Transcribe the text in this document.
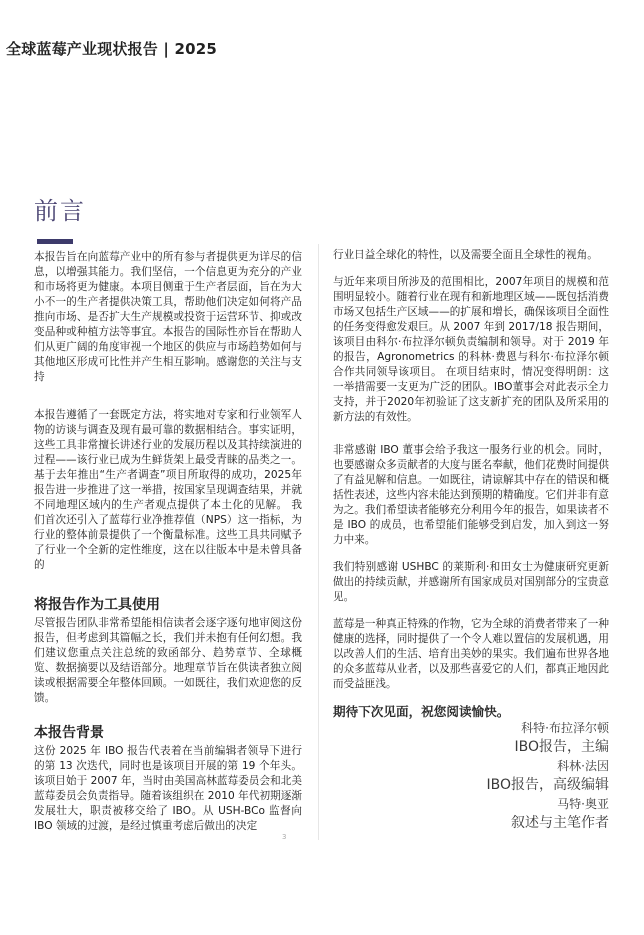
全球蓝莓产业现状报告 | 2025
前言

本报告旨在向蓝莓产业中的所有参与者提供更为详尽的信息，以增强其能力。我们坚信，一个信息更为充分的产业和市场将更为健康。本项目侧重于生产者层面，旨在为大小不一的生产者提供决策工具，帮助他们决定如何将产品推向市场、是否扩大生产规模或投资于运营环节、抑或改变品种或种植方法等事宜。本报告的国际性亦旨在帮助人们从更广阔的角度审视一个地区的供应与市场趋势如何与其他地区形成可比性并产生相互影响。感谢您的关注与支持

本报告遵循了一套既定方法，将实地对专家和行业领军人物的访谈与调查及现有最可靠的数据相结合。事实证明，这些工具非常擅长讲述行业的发展历程以及其持续演进的过程——该行业已成为生鲜货架上最受青睐的品类之一。基于去年推出“生产者调查”项目所取得的成功，2025年报告进一步推进了这一举措，按国家呈现调查结果，并就不同地理区域内的生产者观点提供了本土化的见解。 我们首次还引入了蓝莓行业净推荐值（NPS）这一指标，为行业的整体前景提供了一个衡量标准。这些工具共同赋予了行业一个全新的定性维度，这在以往版本中是未曾具备的

将报告作为工具使用

尽管报告团队非常希望能相信读者会逐字逐句地审阅这份报告，但考虑到其篇幅之长，我们并未抱有任何幻想。我们建议您重点关注总统的致函部分、趋势章节、全球概览、数据摘要以及结语部分。地理章节旨在供读者独立阅读或根据需要全年整体回顾。一如既往，我们欢迎您的反馈。

本报告背景

这份 2025 年 IBO 报告代表着在当前编辑者领导下进行的第 13 次迭代，同时也是该项目开展的第 19 个年头。该项目始于 2007 年，当时由美国高林蓝莓委员会和北美蓝莓委员会负责指导。随着该组织在 2010 年代初期逐渐发展壮大，职责被移交给了 IBO。从 USH-BCo 监督向 IBO 领域的过渡，是经过慎重考虑后做出的决定

行业日益全球化的特性，以及需要全面且全球性的视角。

与近年来项目所涉及的范围相比，2007年项目的规模和范围明显较小。随着行业在现有和新地理区域——既包括消费市场又包括生产区域——的扩展和增长，确保该项目全面性的任务变得愈发艰巨。从 2007 年到 2017/18 报告期间，该项目由科尔·布拉泽尔顿负责编制和领导。对于 2019 年的报告，Agronometrics 的科林·费恩与科尔·布拉泽尔顿合作共同领导该项目。 在项目结束时，情况变得明朗：这一举措需要一支更为广泛的团队。IBO董事会对此表示全力支持，并于2020年初验证了这支新扩充的团队及所采用的新方法的有效性。

非常感谢 IBO 董事会给予我这一服务行业的机会。同时，也要感谢众多贡献者的大度与匿名奉献，他们花费时间提供了有益见解和信息。一如既往，请谅解其中存在的错误和概括性表述，这些内容未能达到预期的精确度。它们并非有意为之。我们希望读者能够充分利用今年的报告，如果读者不是 IBO 的成员，也希望能们能够受到启发，加入到这一努力中来。

我们特别感谢 USHBC 的莱斯利·和田女士为健康研究更新做出的持续贡献，并感谢所有国家成员对国别部分的宝贵意见。

蓝莓是一种真正特殊的作物，它为全球的消费者带来了一种健康的选择，同时提供了一个令人难以置信的发展机遇，用以改善人们的生活、培育出美妙的果实。我们遍布世界各地的众多蓝莓从业者，以及那些喜爱它的人们，都真正地因此而受益匪浅。

期待下次见面，祝您阅读愉快。
科特·布拉泽尔顿
IBO报告，主编
科林·法因
IBO报告，高级编辑
马特·奥亚
叙述与主笔作者
3
